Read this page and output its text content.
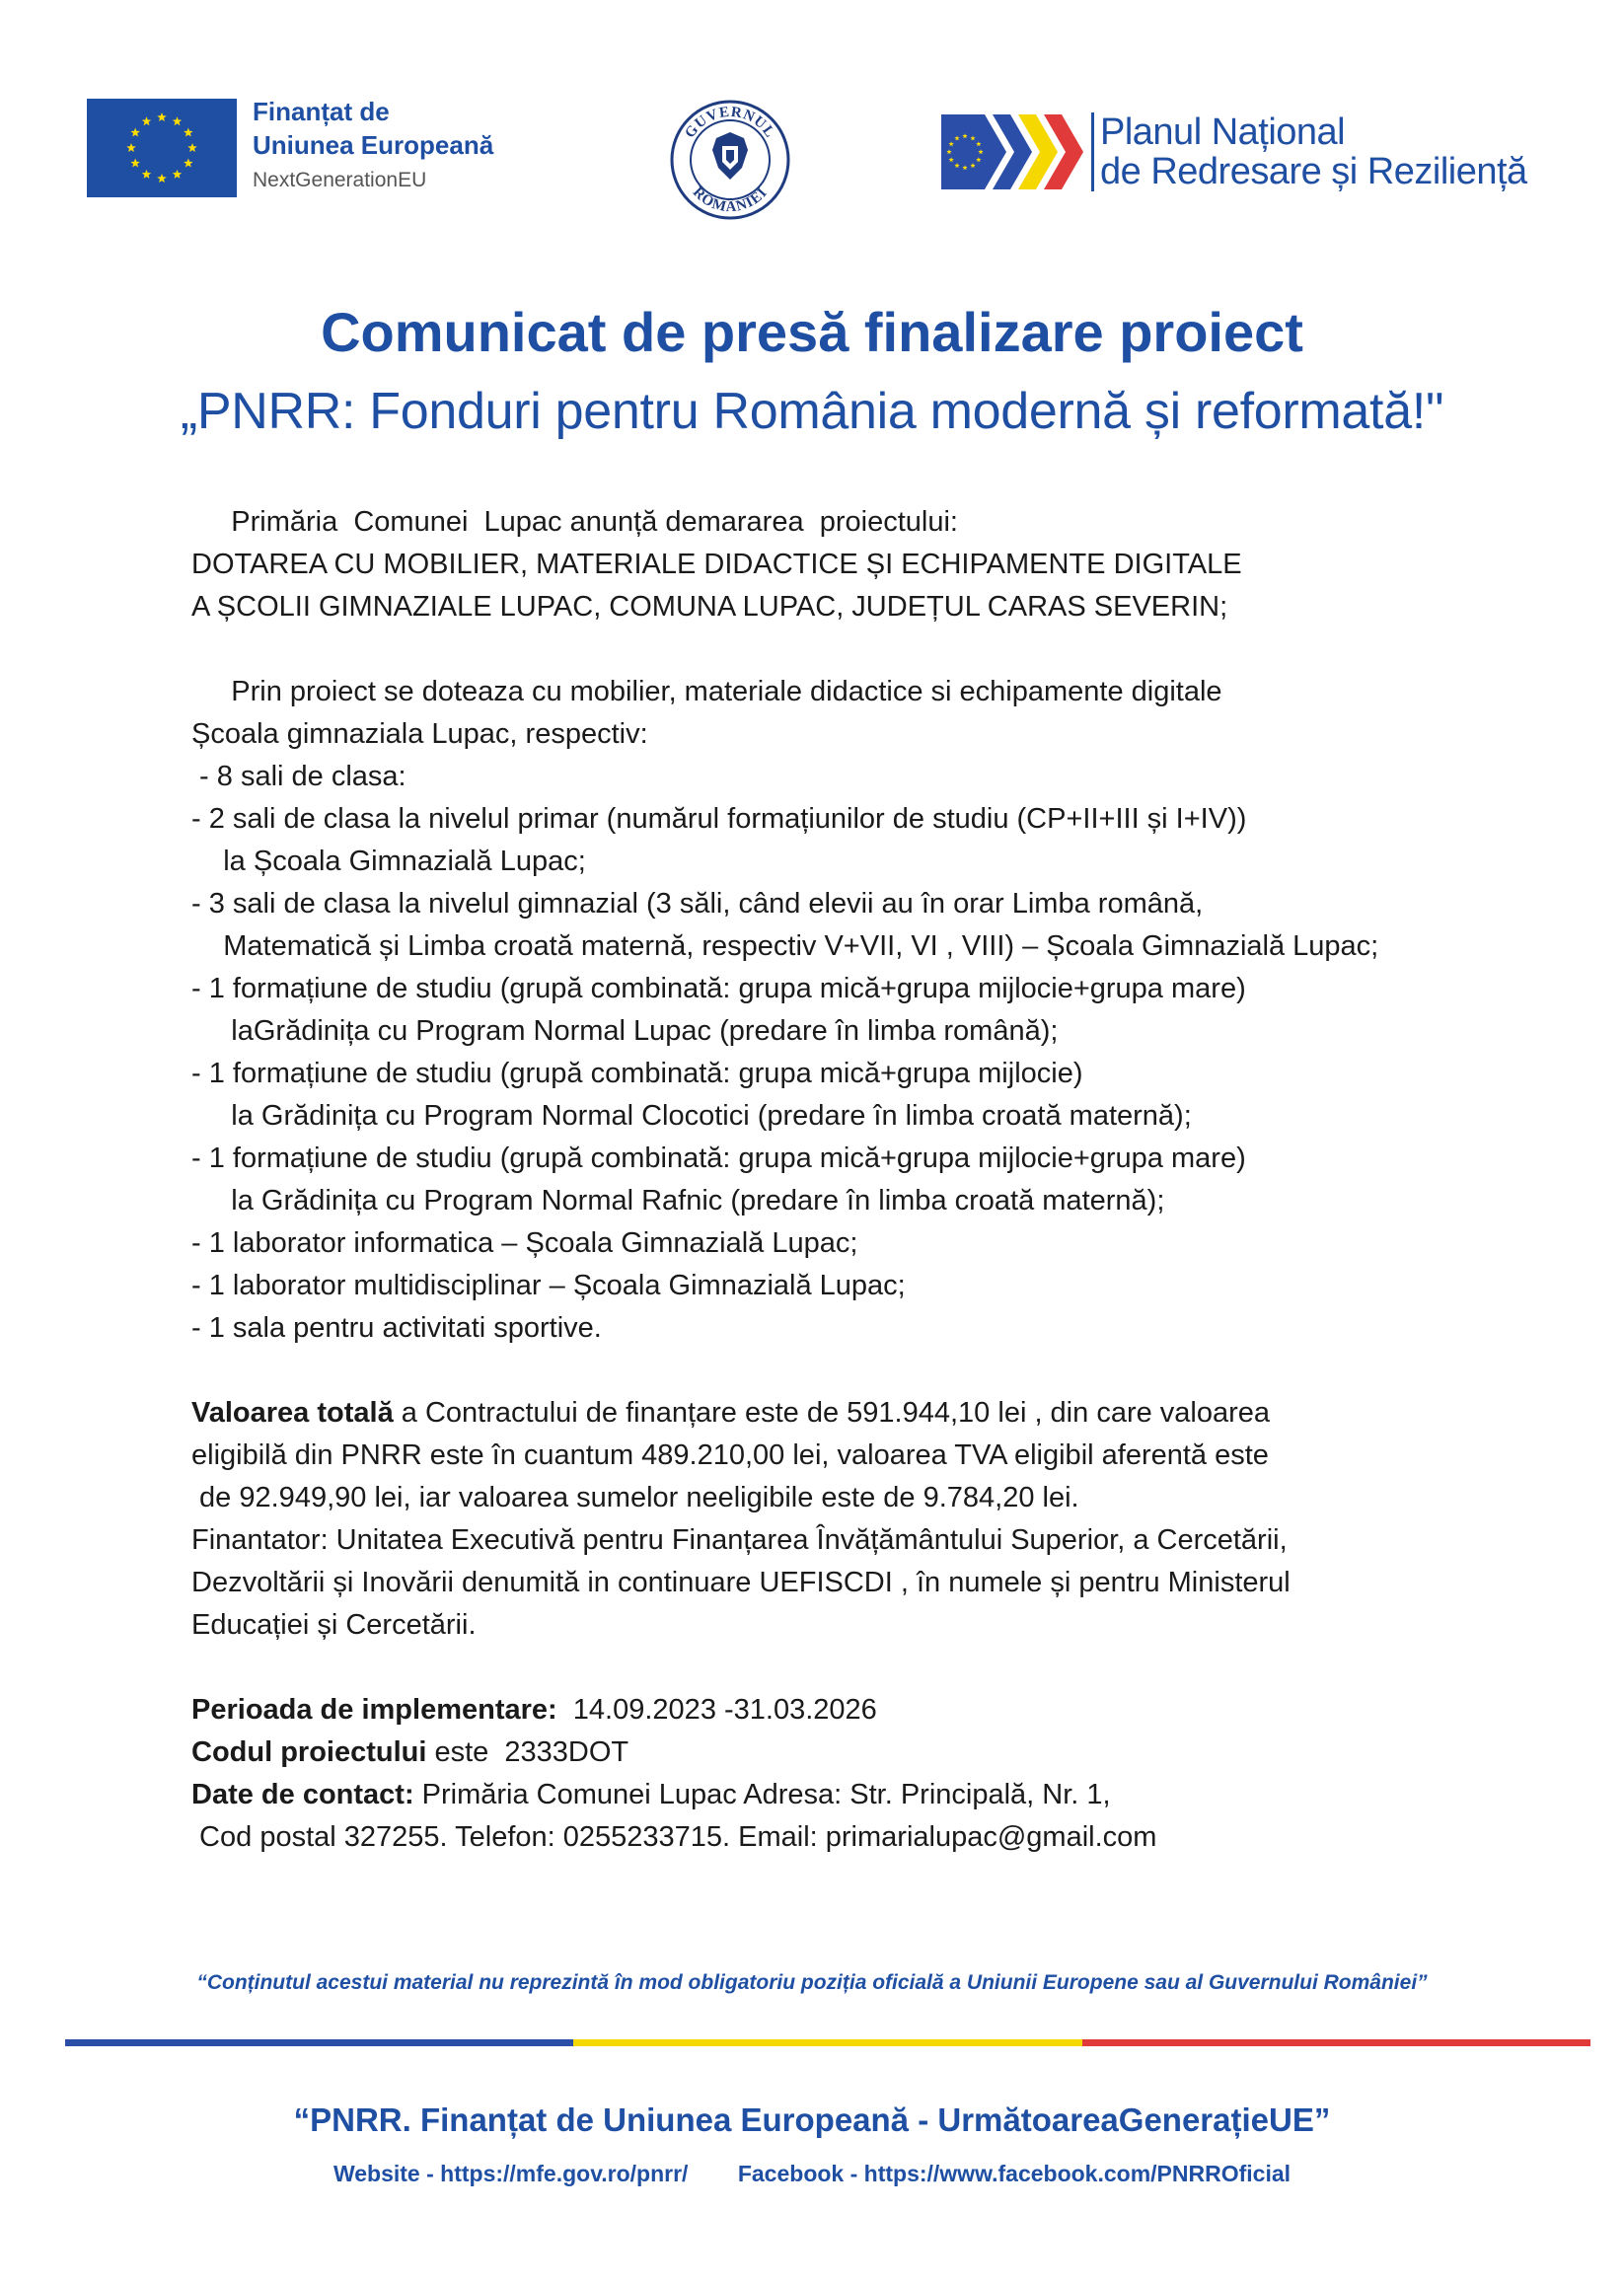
Finanțat de
Uniunea Europeană
NextGenerationEU
GUVERNUL
ROMÂNIEI
Planul Național
de Redresare și Reziliență
Comunicat de presă finalizare proiect
„PNRR: Fonduri pentru România modernă și reformată!"
Primăria  Comunei  Lupac anunță demararea  proiectului:
DOTAREA CU MOBILIER, MATERIALE DIDACTICE ȘI ECHIPAMENTE DIGITALE
A ȘCOLII GIMNAZIALE LUPAC, COMUNA LUPAC, JUDEȚUL CARAS SEVERIN;
Prin proiect se doteaza cu mobilier, materiale didactice si echipamente digitale
Școala gimnaziala Lupac, respectiv:
- 8 sali de clasa:
- 2 sali de clasa la nivelul primar (numărul formațiunilor de studiu (CP+II+III și I+IV))
la Școala Gimnazială Lupac;
- 3 sali de clasa la nivelul gimnazial (3 săli, când elevii au în orar Limba română,
Matematică și Limba croată maternă, respectiv V+VII, VI , VIII) – Școala Gimnazială Lupac;
- 1 formațiune de studiu (grupă combinată: grupa mică+grupa mijlocie+grupa mare)
laGrădinița cu Program Normal Lupac (predare în limba română);
- 1 formațiune de studiu (grupă combinată: grupa mică+grupa mijlocie)
la Grădinița cu Program Normal Clocotici (predare în limba croată maternă);
- 1 formațiune de studiu (grupă combinată: grupa mică+grupa mijlocie+grupa mare)
la Grădinița cu Program Normal Rafnic (predare în limba croată maternă);
- 1 laborator informatica – Școala Gimnazială Lupac;
- 1 laborator multidisciplinar – Școala Gimnazială Lupac;
- 1 sala pentru activitati sportive.
Valoarea totală a Contractului de finanțare este de 591.944,10 lei , din care valoarea
eligibilă din PNRR este în cuantum 489.210,00 lei, valoarea TVA eligibil aferentă este
de 92.949,90 lei, iar valoarea sumelor neeligibile este de 9.784,20 lei.
Finantator: Unitatea Executivă pentru Finanțarea Învățământului Superior, a Cercetării,
Dezvoltării și Inovării denumită in continuare UEFISCDI , în numele și pentru Ministerul
Educației și Cercetării.
Perioada de implementare:  14.09.2023 -31.03.2026
Codul proiectului este  2333DOT
Date de contact: Primăria Comunei Lupac Adresa: Str. Principală, Nr. 1,
Cod postal 327255. Telefon: 0255233715. Email: primarialupac@gmail.com
“Conținutul acestui material nu reprezintă în mod obligatoriu poziția oficială a Uniunii Europene sau al Guvernului României”
“PNRR. Finanțat de Uniunea Europeană - UrmătoareaGenerațieUE”
Website - https://mfe.gov.ro/pnrr/ Facebook - https://www.facebook.com/PNRROficial
